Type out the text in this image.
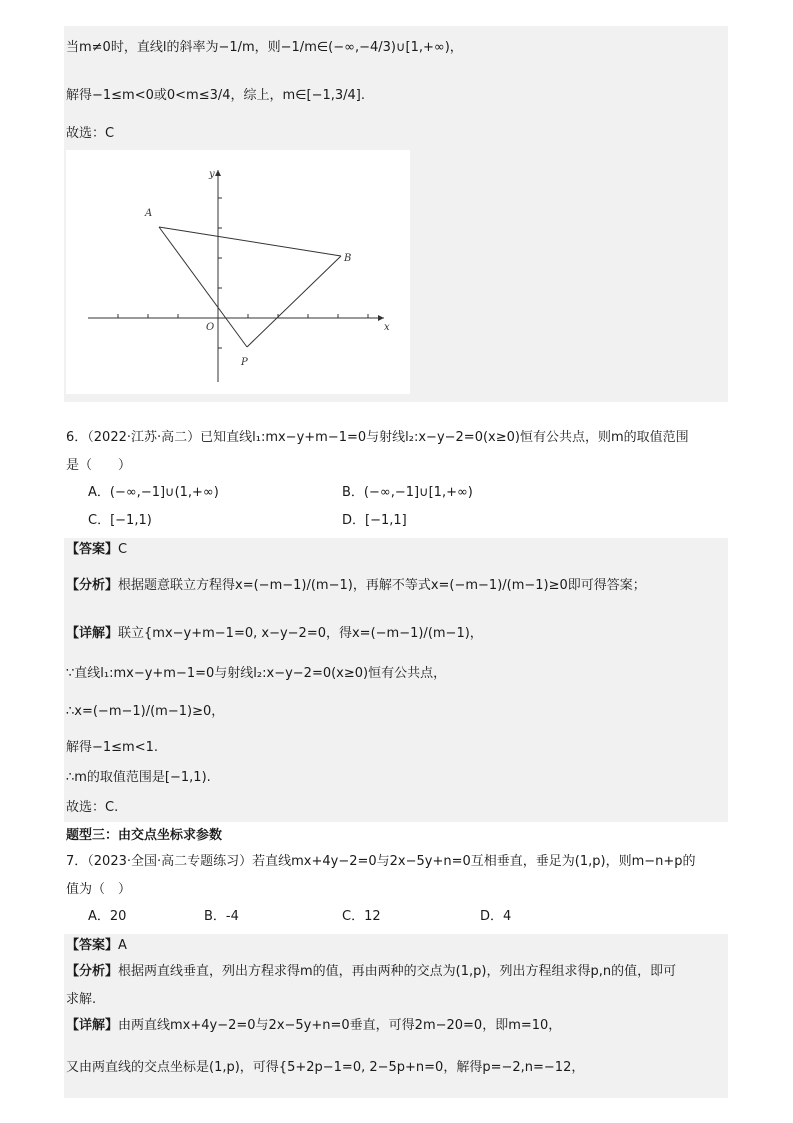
当m≠0时，直线l的斜率为−1/m，则−1/m∈(−∞,−4/3)∪[1,+∞)，
解得−1≤m<0或0<m≤3/4，综上，m∈[−1,3/4].
故选：C
y
x
A
B
O
P
6．（2022·江苏·高二）已知直线l₁:mx−y+m−1=0与射线l₂:x−y−2=0(x≥0)恒有公共点，则m的取值范围
是（　　）
A．(−∞,−1]∪(1,+∞)	B．(−∞,−1]∪[1,+∞)
C．[−1,1)	D．[−1,1]
【答案】C
【分析】根据题意联立方程得x=(−m−1)/(m−1)，再解不等式x=(−m−1)/(m−1)≥0即可得答案；
【详解】联立{mx−y+m−1=0, x−y−2=0，得x=(−m−1)/(m−1)，
∵直线l₁:mx−y+m−1=0与射线l₂:x−y−2=0(x≥0)恒有公共点，
∴x=(−m−1)/(m−1)≥0，
解得−1≤m<1.
∴m的取值范围是[−1,1).
故选：C.
题型三：由交点坐标求参数
7．（2023·全国·高二专题练习）若直线mx+4y−2=0与2x−5y+n=0互相垂直，垂足为(1,p)，则m−n+p的
值为（　）
A．20	B．-4	C．12	D．4
【答案】A
【分析】根据两直线垂直，列出方程求得m的值，再由两种的交点为(1,p)，列出方程组求得p,n的值，即可
求解.
【详解】由两直线mx+4y−2=0与2x−5y+n=0垂直，可得2m−20=0，即m=10，
又由两直线的交点坐标是(1,p)，可得{5+2p−1=0, 2−5p+n=0，解得p=−2,n=−12，
